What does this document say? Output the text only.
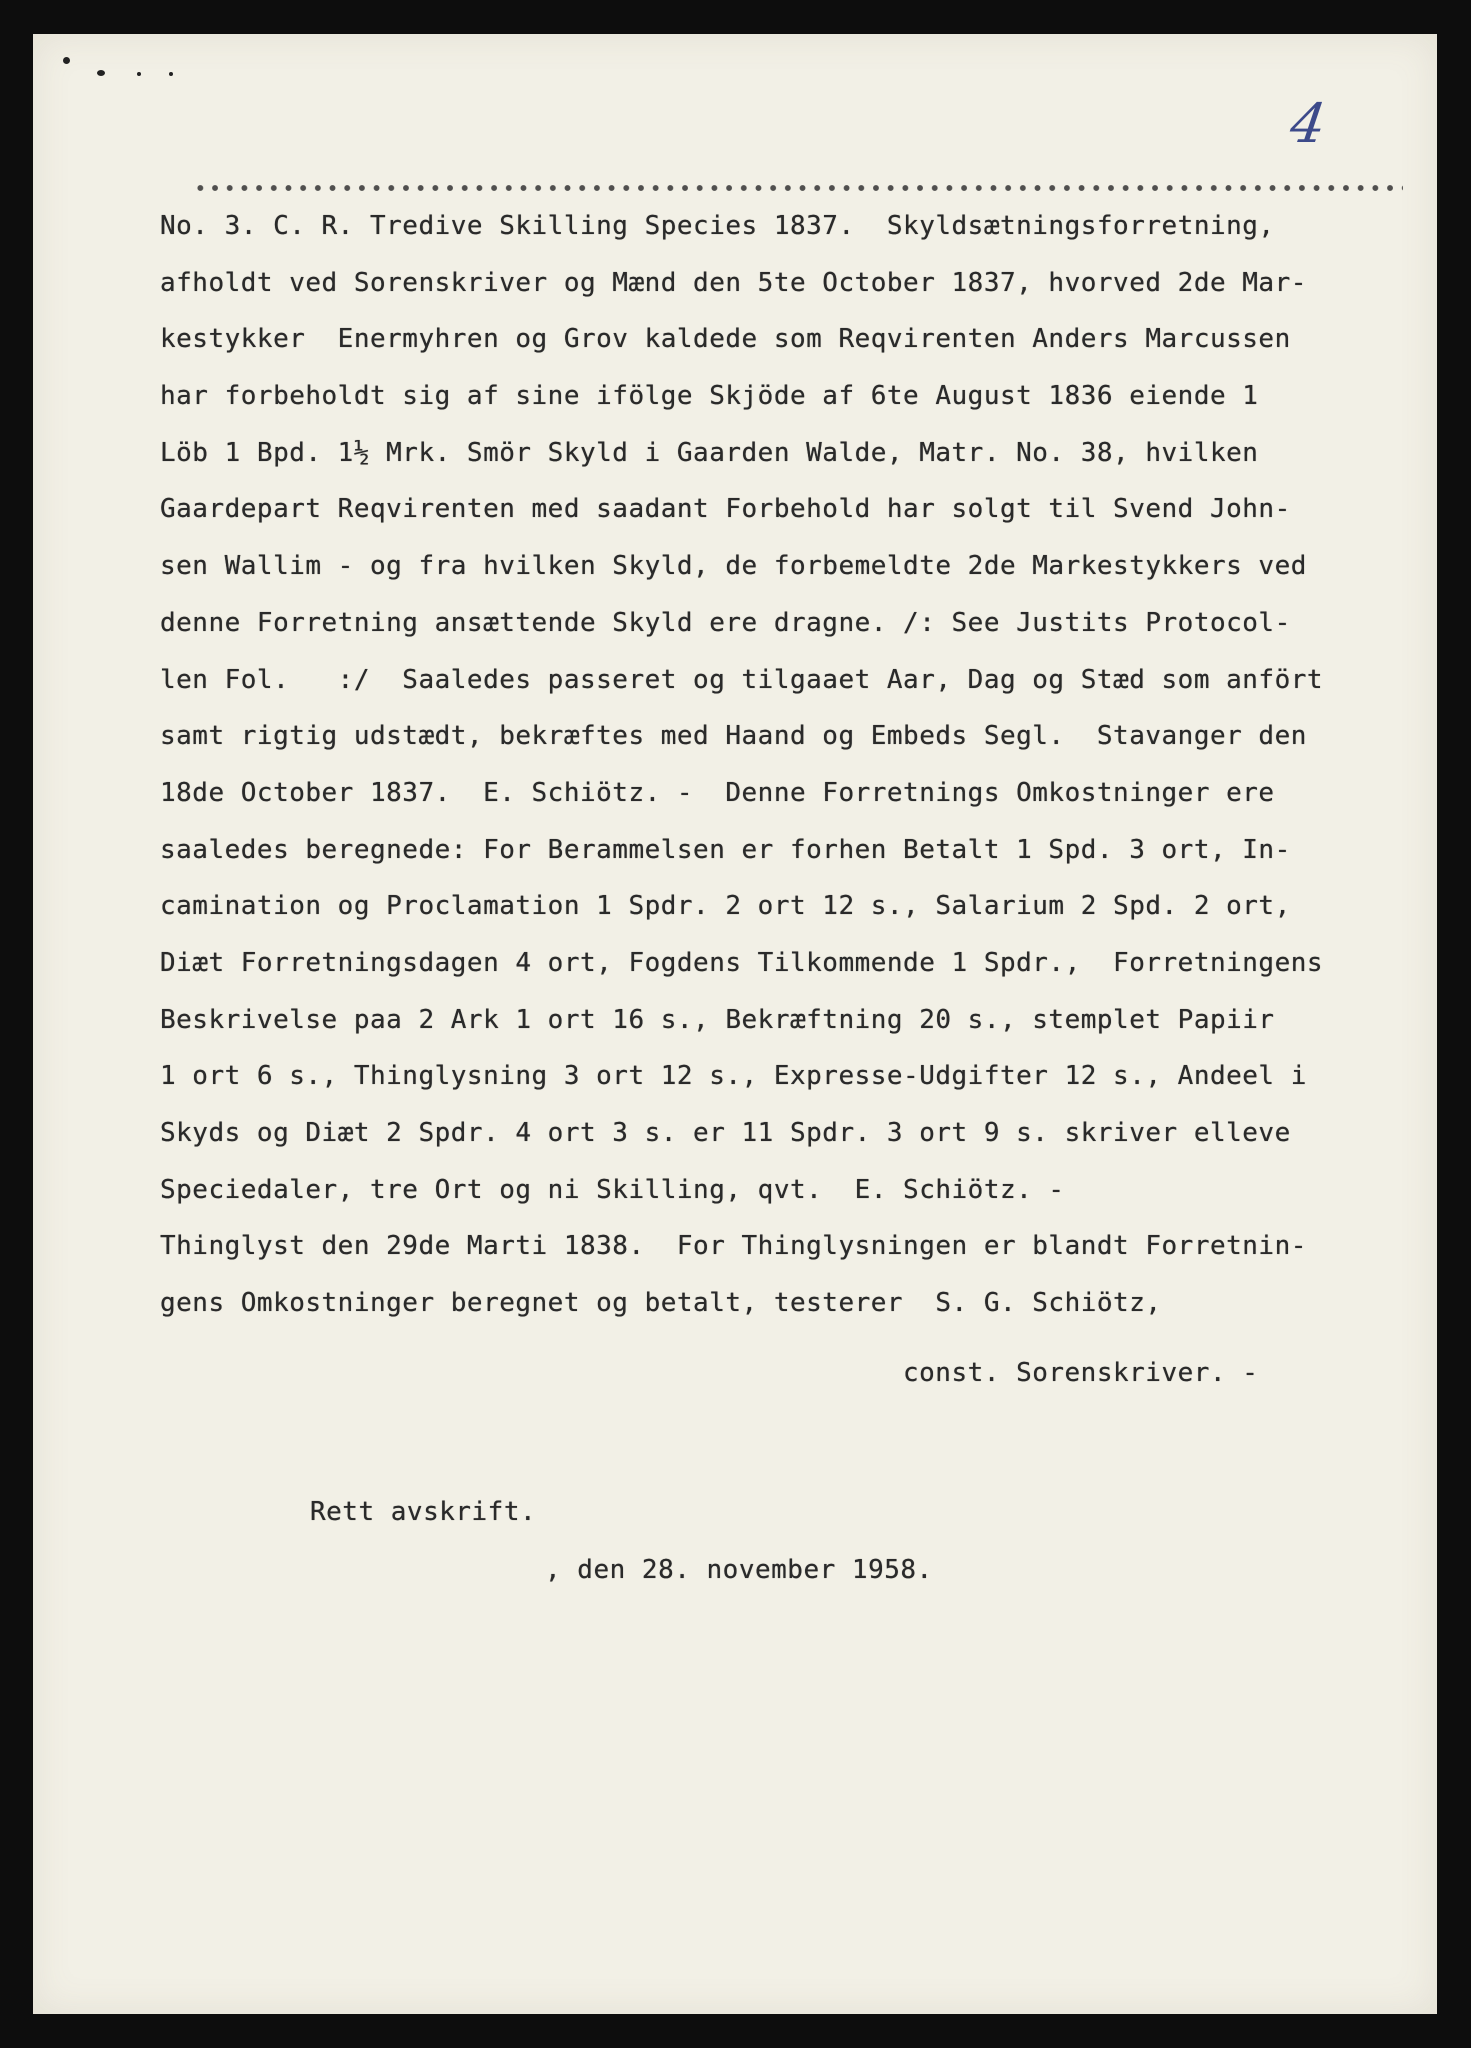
4
No. 3. C. R. Tredive Skilling Species 1837.  Skyldsætningsforretning,
afholdt ved Sorenskriver og Mænd den 5te October 1837, hvorved 2de Mar-
kestykker  Enermyhren og Grov kaldede som Reqvirenten Anders Marcussen
har forbeholdt sig af sine ifölge Skjöde af 6te August 1836 eiende 1
Löb 1 Bpd. 1½ Mrk. Smör Skyld i Gaarden Walde, Matr. No. 38, hvilken
Gaardepart Reqvirenten med saadant Forbehold har solgt til Svend John-
sen Wallim - og fra hvilken Skyld, de forbemeldte 2de Markestykkers ved
denne Forretning ansættende Skyld ere dragne. /: See Justits Protocol-
len Fol.   :/  Saaledes passeret og tilgaaet Aar, Dag og Stæd som anfört
samt rigtig udstædt, bekræftes med Haand og Embeds Segl.  Stavanger den
18de October 1837.  E. Schiötz. -  Denne Forretnings Omkostninger ere
saaledes beregnede: For Berammelsen er forhen Betalt 1 Spd. 3 ort, In-
camination og Proclamation 1 Spdr. 2 ort 12 s., Salarium 2 Spd. 2 ort,
Diæt Forretningsdagen 4 ort, Fogdens Tilkommende 1 Spdr.,  Forretningens
Beskrivelse paa 2 Ark 1 ort 16 s., Bekræftning 20 s., stemplet Papiir
1 ort 6 s., Thinglysning 3 ort 12 s., Expresse-Udgifter 12 s., Andeel i
Skyds og Diæt 2 Spdr. 4 ort 3 s. er 11 Spdr. 3 ort 9 s. skriver elleve
Speciedaler, tre Ort og ni Skilling, qvt.  E. Schiötz. -
Thinglyst den 29de Marti 1838.  For Thinglysningen er blandt Forretnin-
gens Omkostninger beregnet og betalt, testerer  S. G. Schiötz,
const. Sorenskriver. -
Rett avskrift.
, den 28. november 1958.
